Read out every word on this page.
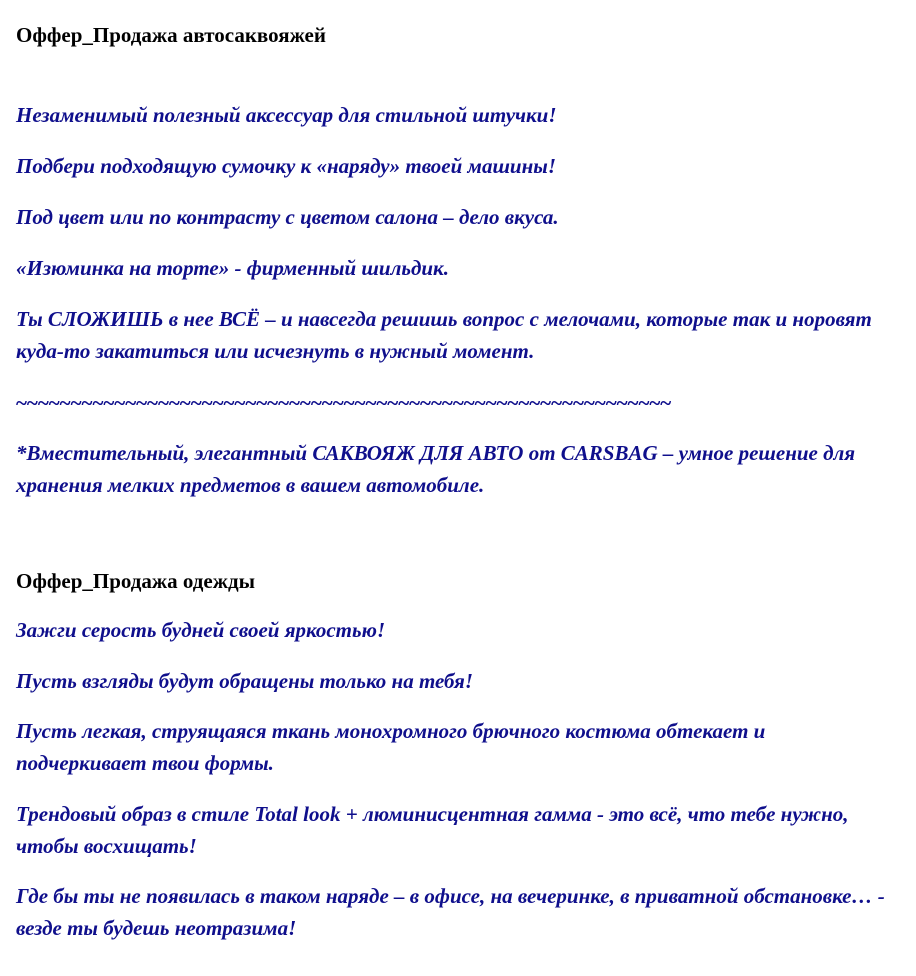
Оффер_Продажа автосаквояжей

Незаменимый полезный аксессуар для стильной штучки!

Подбери подходящую сумочку к «наряду» твоей машины!

Под цвет или по контрасту с цветом салона – дело вкуса.

«Изюминка на торте» - фирменный шильдик.

Ты СЛОЖИШЬ в нее ВСЁ – и навсегда решишь вопрос с мелочами, которые так и норовят куда-то закатиться или исчезнуть в нужный момент.

~~~~~~~~~~~~~~~~~~~~~~~~~~~~~~~~~~~~~~~~~~~~~~~~~~~~~~~~~~~~

*Вместительный, элегантный САКВОЯЖ ДЛЯ АВТО от CARSBAG – умное решение для хранения мелких предметов в вашем автомобиле.

Оффер_Продажа одежды

Зажги серость будней своей яркостью!

Пусть взгляды будут обращены только на тебя!

Пусть легкая, струящаяся ткань монохромного брючного костюма обтекает и подчеркивает твои формы.

Трендовый образ в стиле Total look + люминисцентная гамма - это всё, что тебе нужно, чтобы восхищать!

Где бы ты не появилась в таком наряде – в офисе, на вечеринке, в приватной обстановке… - везде ты будешь неотразима!
